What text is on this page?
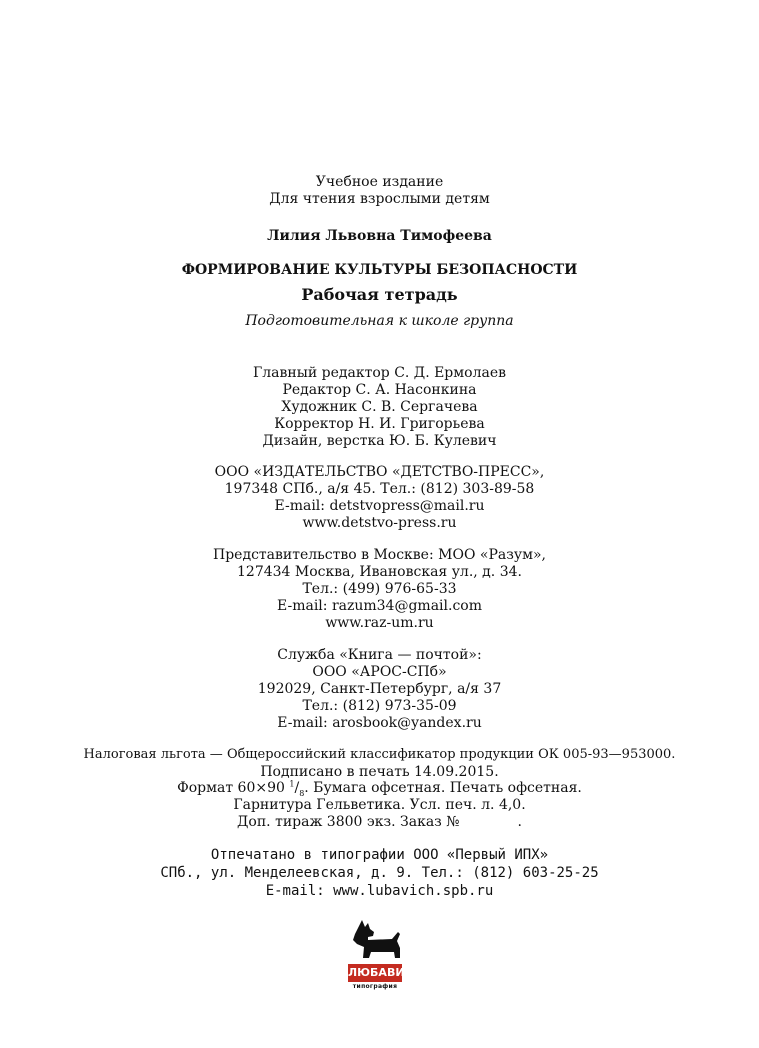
Учебное издание
Для чтения взрослыми детям
Лилия Львовна Тимофеева
ФОРМИРОВАНИЕ КУЛЬТУРЫ БЕЗОПАСНОСТИ
Рабочая тетрадь
Подготовительная к школе группа
Главный редактор С. Д. Ермолаев
Редактор С. А. Насонкина
Художник С. В. Сергачева
Корректор Н. И. Григорьева
Дизайн, верстка Ю. Б. Кулевич
ООО «ИЗДАТЕЛЬСТВО «ДЕТСТВО-ПРЕСС»,
197348 СПб., а/я 45. Тел.: (812) 303-89-58
E-mail: detstvopress@mail.ru
www.detstvo-press.ru
Представительство в Москве: МОО «Разум»,
127434 Москва, Ивановская ул., д. 34.
Тел.: (499) 976-65-33
E-mail: razum34@gmail.com
www.raz-um.ru
Служба «Книга — почтой»:
ООО «АРОС-СПб»
192029, Санкт-Петербург, а/я 37
Тел.: (812) 973-35-09
E-mail: arosbook@yandex.ru
Налоговая льгота — Общероссийский классификатор продукции ОК 005-93—953000.
Подписано в печать 14.09.2015.
Формат 60×90 $^1/_8$. Бумага офсетная. Печать офсетная.
Гарнитура Гельветика. Усл. печ. л. 4,0.
Доп. тираж 3800 экз. Заказ №	.
Отпечатано в типографии ООО «Первый ИПХ»
СПб., ул. Менделеевская, д. 9. Тел.: (812) 603-25-25
E-mail: www.lubavich.spb.ru
ЛЮБАВИЧ
типография
